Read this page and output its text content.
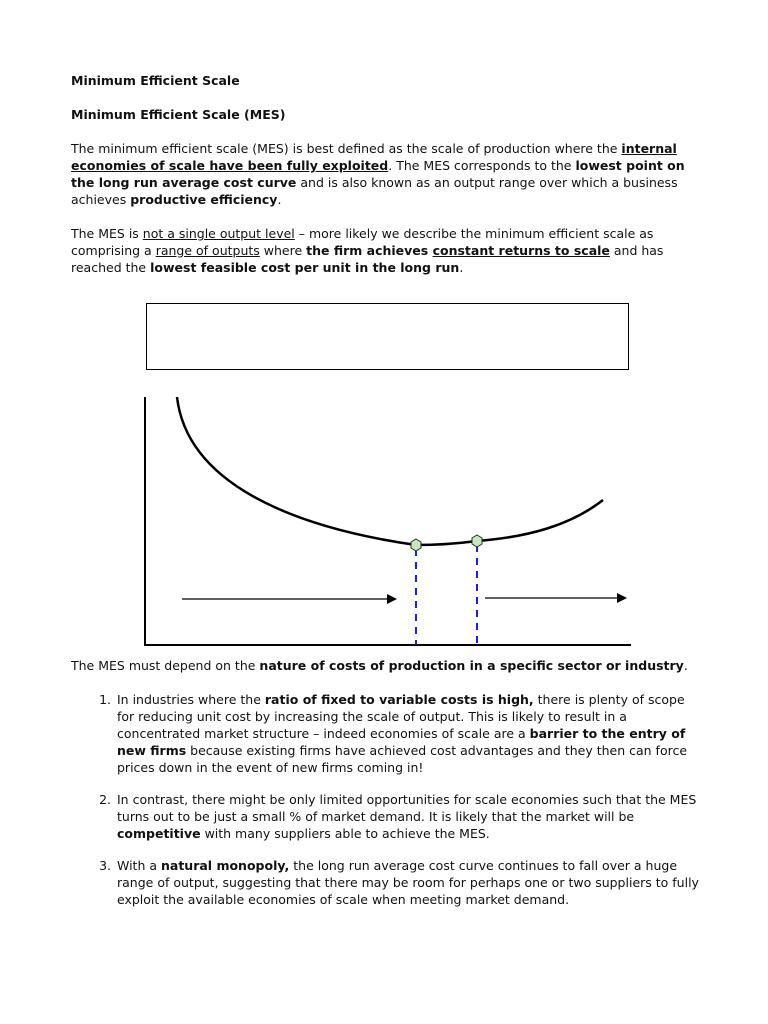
Minimum Efficient Scale
Minimum Efficient Scale (MES)

The minimum efficient scale (MES) is best defined as the scale of production where the internal economies of scale have been fully exploited. The MES corresponds to the lowest point on the long run average cost curve and is also known as an output range over which a business achieves productive efficiency.

The MES is not a single output level – more likely we describe the minimum efficient scale as comprising a range of outputs where the firm achieves constant returns to scale and has reached the lowest feasible cost per unit in the long run.

The MES must depend on the nature of costs of production in a specific sector or industry.

1. In industries where the ratio of fixed to variable costs is high, there is plenty of scope for reducing unit cost by increasing the scale of output. This is likely to result in a concentrated market structure – indeed economies of scale are a barrier to the entry of new firms because existing firms have achieved cost advantages and they then can force prices down in the event of new firms coming in!
2. In contrast, there might be only limited opportunities for scale economies such that the MES turns out to be just a small % of market demand. It is likely that the market will be competitive with many suppliers able to achieve the MES.
3. With a natural monopoly, the long run average cost curve continues to fall over a huge range of output, suggesting that there may be room for perhaps one or two suppliers to fully exploit the available economies of scale when meeting market demand.
